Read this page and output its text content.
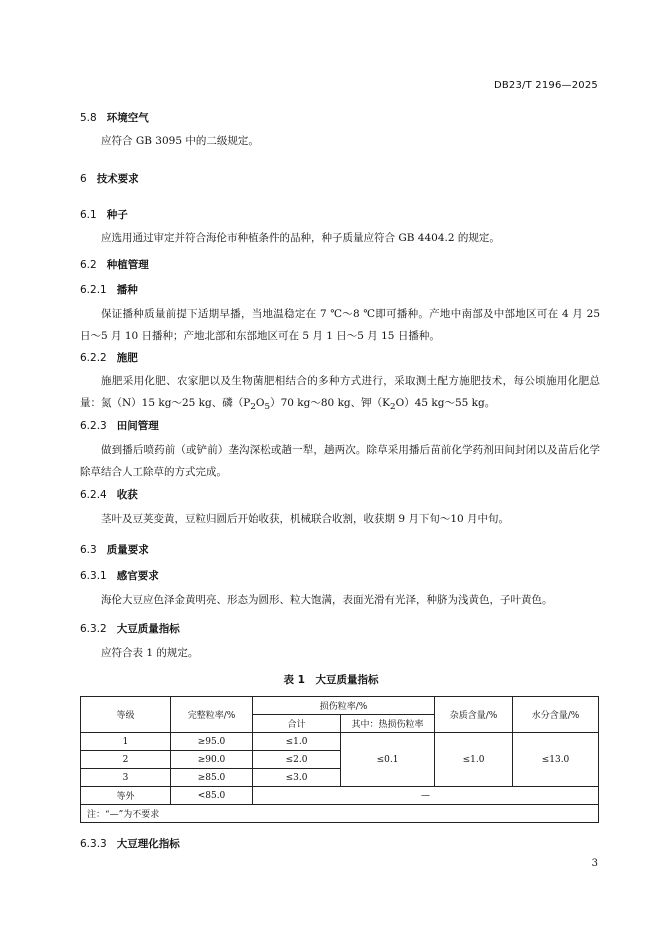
DB23/T 2196—2025
5.8 环境空气
应符合 GB 3095 中的二级规定。
6 技术要求
6.1 种子
应选用通过审定并符合海伦市种植条件的品种，种子质量应符合 GB 4404.2 的规定。
6.2 种植管理
6.2.1 播种
保证播种质量前提下适期早播，当地温稳定在 7 ℃～8 ℃即可播种。产地中南部及中部地区可在 4 月 25 日～5 月 10 日播种；产地北部和东部地区可在 5 月 1 日～5 月 15 日播种。
6.2.2 施肥
施肥采用化肥、农家肥以及生物菌肥相结合的多种方式进行，采取测土配方施肥技术，每公顷施用化肥总量：氮（N）15 kg～25 kg、磷$(P_2O_5)70$ kg～80 kg、钾$(K_2O)45$ kg～55 kg。
6.2.3 田间管理
做到播后喷药前（或铲前）垄沟深松或趟一犁，趟两次。除草采用播后苗前化学药剂田间封闭以及苗后化学除草结合人工除草的方式完成。
6.2.4 收获
茎叶及豆荚变黄，豆粒归圆后开始收获，机械联合收割，收获期 9 月下旬～10 月中旬。
6.3 质量要求
6.3.1 感官要求
海伦大豆应色泽金黄明亮、形态为圆形、粒大饱满，表面光滑有光泽，种脐为浅黄色，子叶黄色。
6.3.2 大豆质量指标
应符合表 1 的规定。
表 1　大豆质量指标
等级	完整粒率/%	损伤粒率/%		杂质含量/%	水分含量/%
		合计	其中：热损伤粒率		
1	≥95.0	≤1.0	≤0.1	≤1.0	≤13.0
2	≥90.0	≤2.0			
3	≥85.0	≤3.0			
等外	<85.0	—			
注：“—”为不要求					
6.3.3 大豆理化指标
3
